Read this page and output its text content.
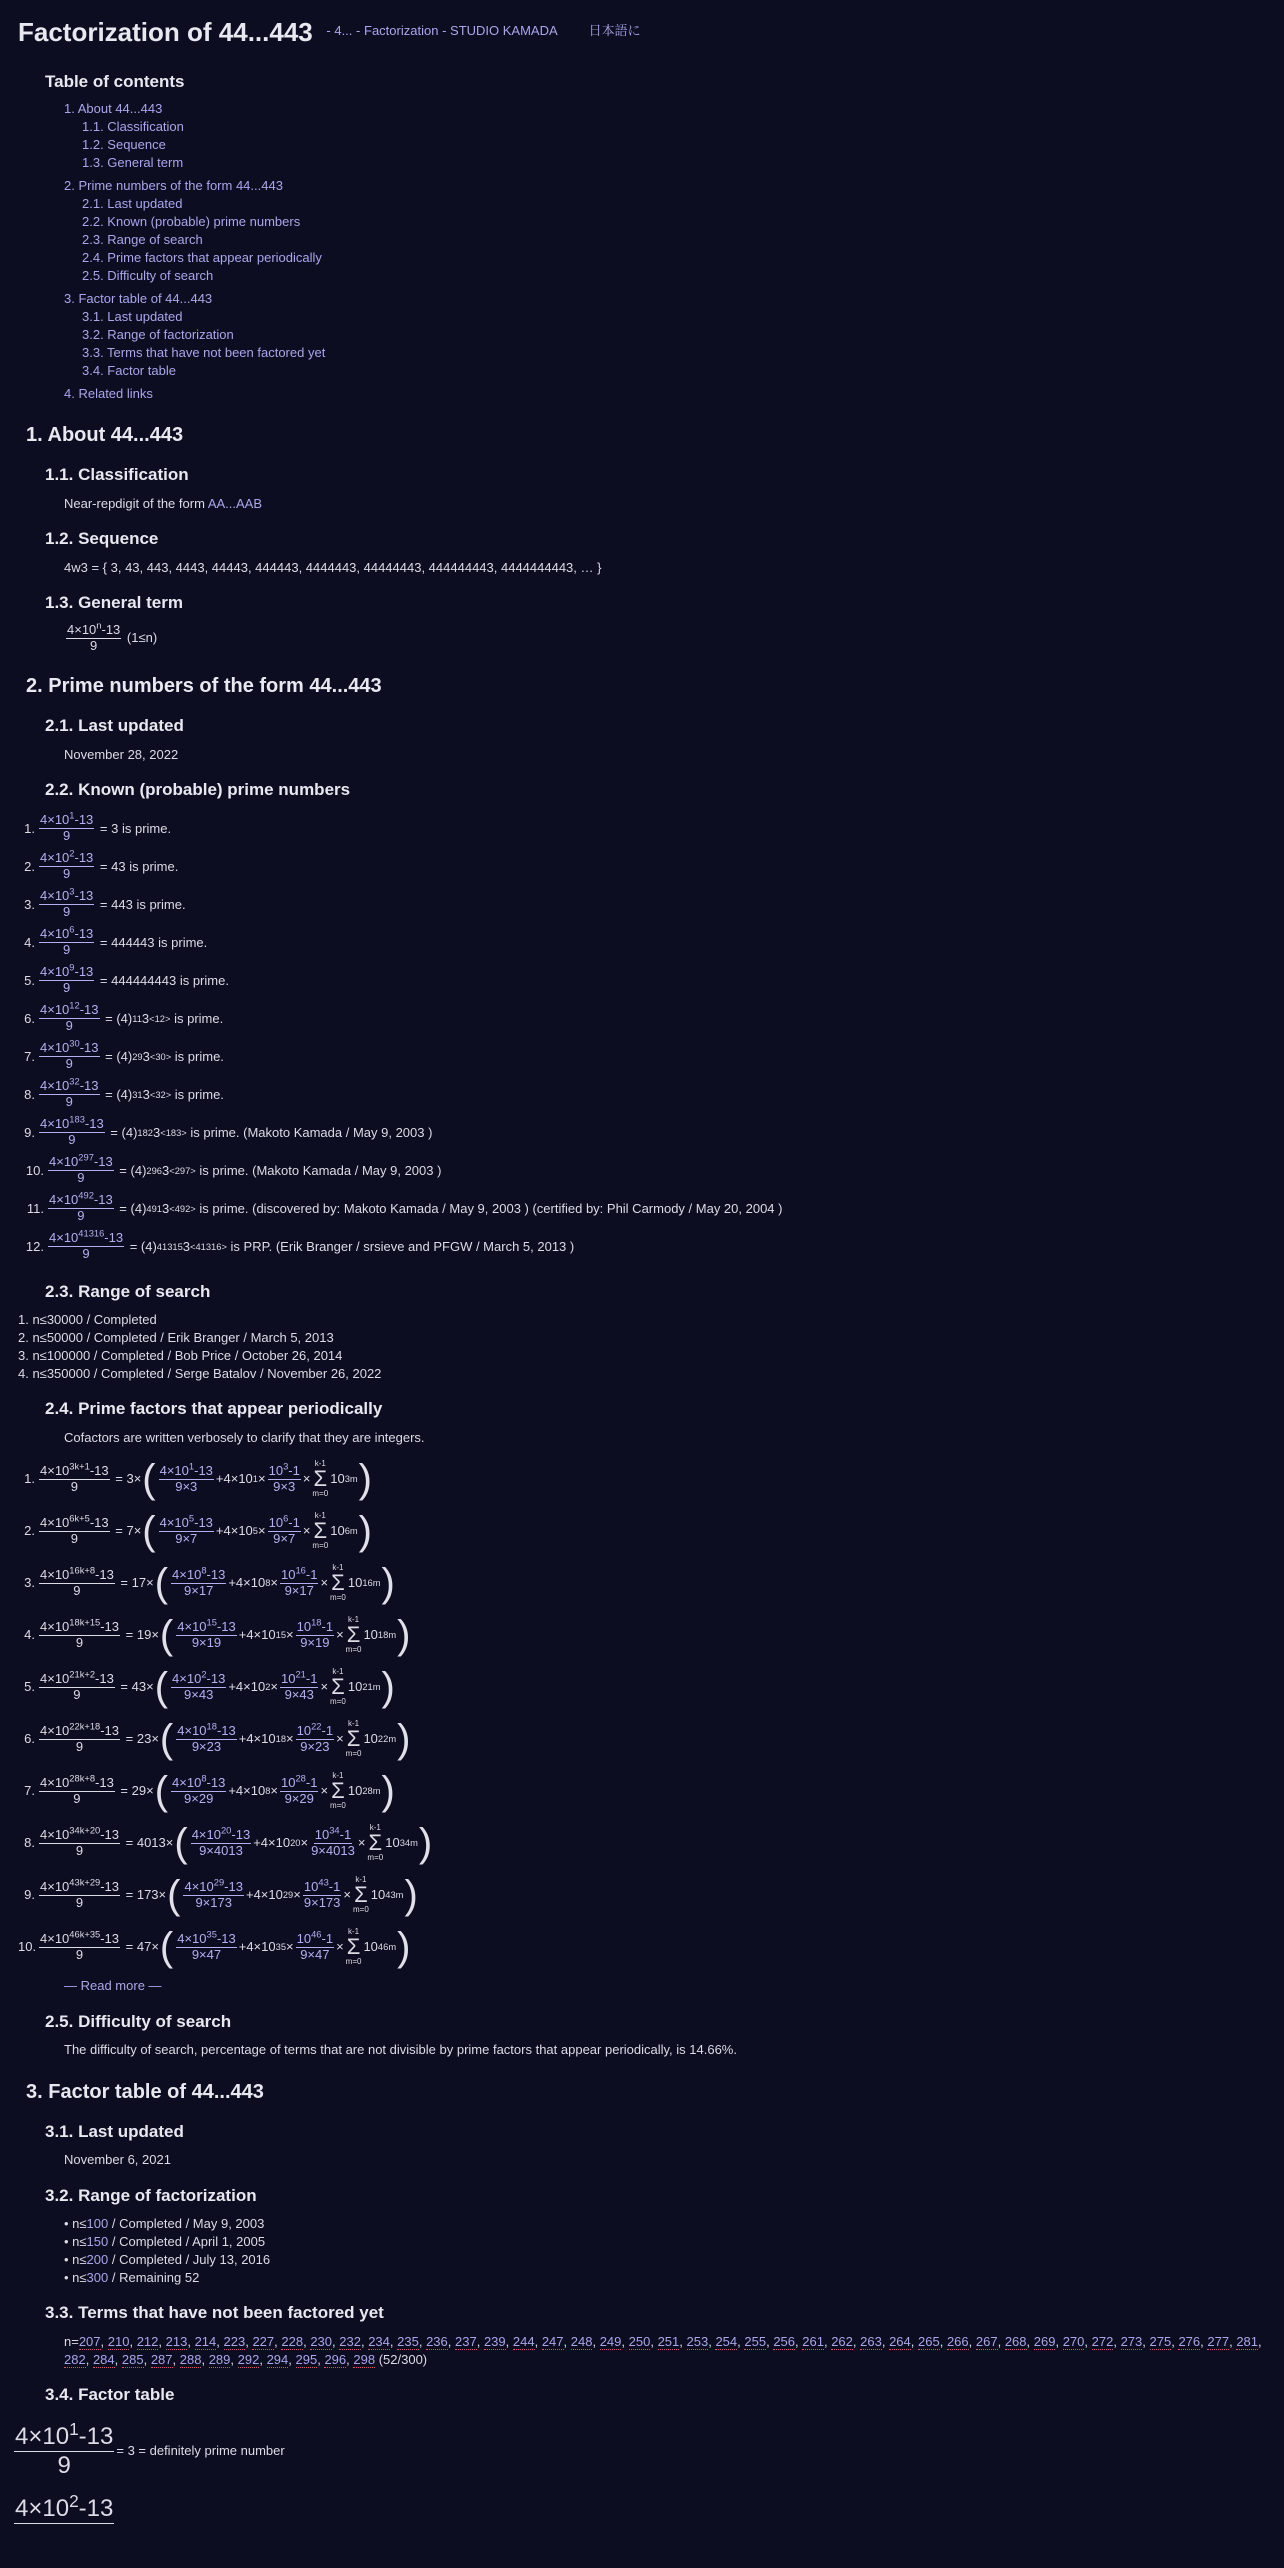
Factorization of 44...443 - 4... - Factorization - STUDIO KAMADA 日本語に
Table of contents
1. About 44...443
1.1. Classification
1.2. Sequence
1.3. General term
2. Prime numbers of the form 44...443
2.1. Last updated
2.2. Known (probable) prime numbers
2.3. Range of search
2.4. Prime factors that appear periodically
2.5. Difficulty of search
3. Factor table of 44...443
3.1. Last updated
3.2. Range of factorization
3.3. Terms that have not been factored yet
3.4. Factor table
4. Related links
1. About 44...443
1.1. Classification
Near-repdigit of the form AA...AAB
1.2. Sequence
4w3 = { 3, 43, 443, 4443, 44443, 444443, 4444443, 44444443, 444444443, 4444444443, … }
1.3. General term
$\frac{4\times 10^n-13}{9} (1\le n)$
2. Prime numbers of the form 44...443
2.1. Last updated
November 28, 2022
2.2. Known (probable) prime numbers
1. $\frac{4\times 10^1-13}{9} = 3$
is prime.
2. $\frac{4\times 10^2-13}{9} = 43$
is prime.
3. $\frac{4\times 10^3-13}{9} = 443$
is prime.
4. $\frac{4\times 10^6-13}{9} = 444443$
is prime.
5. $\frac{4\times 10^9-13}{9} = 444444443$
is prime.
6. $\frac{4\times 10^{12}-13}{9} = (4)$ 11 3 <12>
is prime.
7. $\frac{4\times 10^{30}-13}{9} = (4)$ 29 3 <30>
is prime.
8. $\frac{4\times 10^{32}-13}{9} = (4)$ 31 3 <32>
is prime.
9. $\frac{4\times 10^{183}-13}{9} = (4)$ 182 3 <183>
is prime.
(Makoto Kamada / May 9, 2003 )
10. $\frac{4\times 10^{297}-13}{9} = (4)$ 296 3 <297>
is prime.
(Makoto Kamada / May 9, 2003 )
11. $\frac{4\times 10^{492}-13}{9} = (4)$ 491 3 <492>
is prime.
(discovered by: Makoto Kamada / May 9, 2003 ) (certified by: Phil Carmody / May 20, 2004 )
12. $\frac{4\times 10^{41316}-13}{9} = (4)$ 41315 3 <41316>
is PRP.
(Erik Branger / srsieve and PFGW / March 5, 2013 )
2.3. Range of search
1. n≤30000 / Completed
2. n≤50000 / Completed / Erik Branger / March 5, 2013
3. n≤100000 / Completed / Bob Price / October 26, 2014
4. n≤350000 / Completed / Serge Batalov / November 26, 2022
2.4. Prime factors that appear periodically
Cofactors are written verbosely to clarify that they are integers.
1. $\frac{4\times 10^{3k+1}-13}{9} = 3$ × ( $\frac{4\times 10^1-13}{9\times 3} + 4\times 10$ $1 \times \frac{10^3-1}{9\times 3}$ ×
k-1
Σ
m=0
10 3m )
2. $\frac{4\times 10^{6k+5}-13}{9} = 7$ × ( $\frac{4\times 10^5-13}{9\times 7} + 4\times 10$ $5 \times \frac{10^6-1}{9\times 7}$ ×
k-1
Σ
m=0
10 6m )
3. $\frac{4\times 10^{16k+8}-13}{9} = 17$ × ( $\frac{4\times 10^8-13}{9\times 17} + 4\times 10$ $8 \times \frac{10^{16}-1}{9\times 17}$ ×
k-1
Σ
m=0
10 16m )
4. $\frac{4\times 10^{18k+15}-13}{9} = 19$ × ( $\frac{4\times 10^{15}-13}{9\times 19} + 4\times 10$ $15 \times \frac{10^{18}-1}{9\times 19}$ ×
k-1
Σ
m=0
10 18m )
5. $\frac{4\times 10^{21k+2}-13}{9} = 43$ × ( $\frac{4\times 10^2-13}{9\times 43} + 4\times 10$ $2 \times \frac{10^{21}-1}{9\times 43}$ ×
k-1
Σ
m=0
10 21m )
6. $\frac{4\times 10^{22k+18}-13}{9} = 23$ × ( $\frac{4\times 10^{18}-13}{9\times 23} + 4\times 10$ $18 \times \frac{10^{22}-1}{9\times 23}$ ×
k-1
Σ
m=0
10 22m )
7. $\frac{4\times 10^{28k+8}-13}{9} = 29$ × ( $\frac{4\times 10^8-13}{9\times 29} + 4\times 10$ $8 \times \frac{10^{28}-1}{9\times 29}$ ×
k-1
Σ
m=0
10 28m )
8. $\frac{4\times 10^{34k+20}-13}{9} = 4013$ × ( $\frac{4\times 10^{20}-13}{9\times 4013} + 4\times 10$ $20 \times \frac{10^{34}-1}{9\times 4013}$ ×
k-1
Σ
m=0
10 34m )
9. $\frac{4\times 10^{43k+29}-13}{9} = 173$ × ( $\frac{4\times 10^{29}-13}{9\times 173} + 4\times 10$ $29 \times \frac{10^{43}-1}{9\times 173}$ ×
k-1
Σ
m=0
10 43m )
10. $\frac{4\times 10^{46k+35}-13}{9} = 47$ × ( $\frac{4\times 10^{35}-13}{9\times 47} + 4\times 10$ $35 \times \frac{10^{46}-1}{9\times 47}$ ×
k-1
Σ
m=0
10 46m )
— Read more —
2.5. Difficulty of search
The difficulty of search, percentage of terms that are not divisible by prime factors that appear periodically, is 14.66%.
3. Factor table of 44...443
3.1. Last updated
November 6, 2021
3.2. Range of factorization
• n≤100 / Completed / May 9, 2003
• n≤150 / Completed / April 1, 2005
• n≤200 / Completed / July 13, 2016
• n≤300 / Remaining 52
3.3. Terms that have not been factored yet
n=207, 210, 212, 213, 214, 223, 227, 228, 230, 232, 234, 235, 236, 237, 239, 244, 247, 248, 249, 250, 251, 253, 254, 255, 256, 261, 262, 263, 264, 265, 266, 267, 268, 269, 270, 272, 273, 275, 276, 277, 281, 282, 284, 285, 287, 288, 289, 292, 294, 295, 296, 298 (52/300)
3.4. Factor table
$\frac{4\times 10^1-13}{9} = 3$ = definitely prime number
$4\times 10^2-13$
